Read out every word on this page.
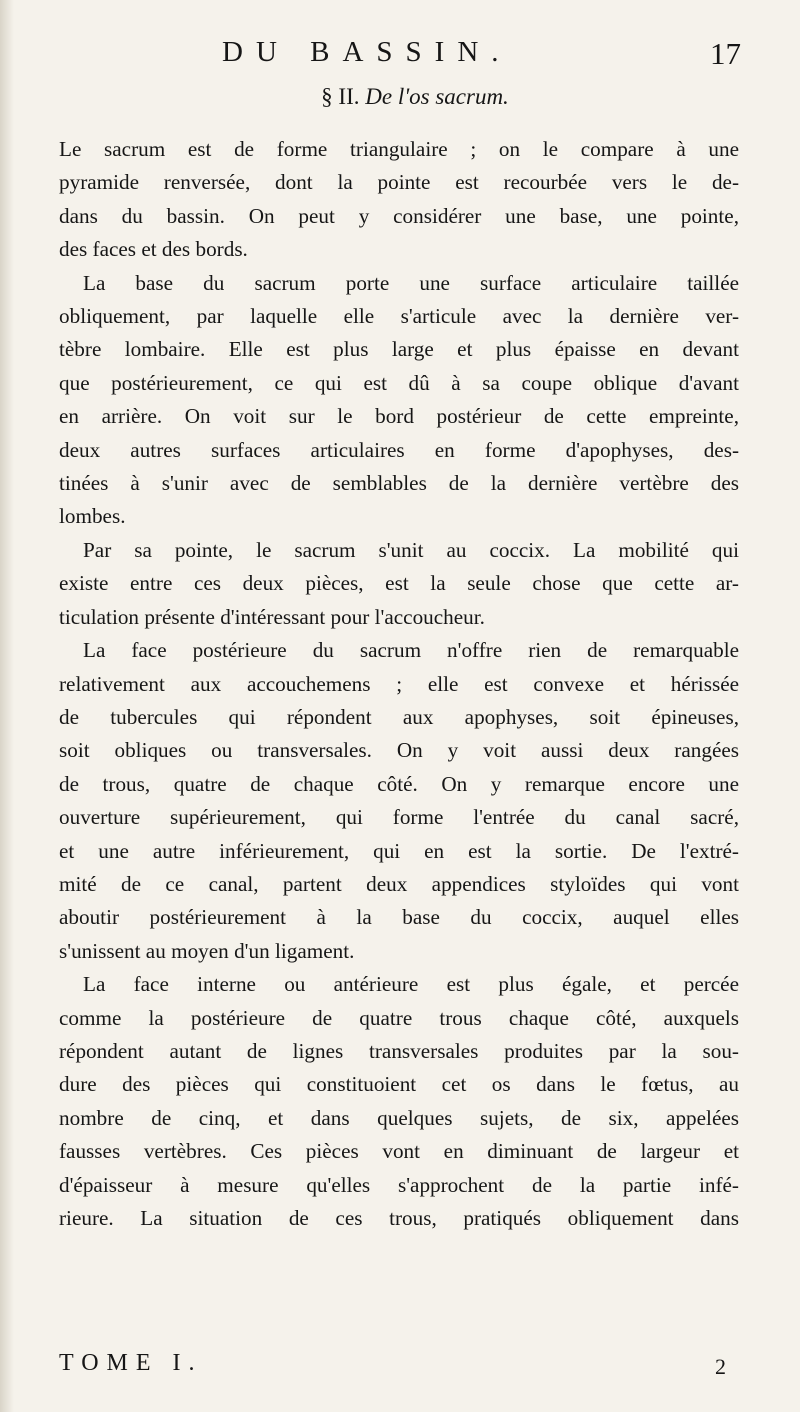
DU BASSIN.	17
§ II. De l'os sacrum.

Le sacrum est de forme triangulaire ; on le compare à une
pyramide renversée, dont la pointe est recourbée vers le de-
dans du bassin. On peut y considérer une base, une pointe,
des faces et des bords.

La base du sacrum porte une surface articulaire taillée
obliquement, par laquelle elle s'articule avec la dernière ver-
tèbre lombaire. Elle est plus large et plus épaisse en devant
que postérieurement, ce qui est dû à sa coupe oblique d'avant
en arrière. On voit sur le bord postérieur de cette empreinte,
deux autres surfaces articulaires en forme d'apophyses, des-
tinées à s'unir avec de semblables de la dernière vertèbre des
lombes.

Par sa pointe, le sacrum s'unit au coccix. La mobilité qui
existe entre ces deux pièces, est la seule chose que cette ar-
ticulation présente d'intéressant pour l'accoucheur.

La face postérieure du sacrum n'offre rien de remarquable
relativement aux accouchemens ; elle est convexe et hérissée
de tubercules qui répondent aux apophyses, soit épineuses,
soit obliques ou transversales. On y voit aussi deux rangées
de trous, quatre de chaque côté. On y remarque encore une
ouverture supérieurement, qui forme l'entrée du canal sacré,
et une autre inférieurement, qui en est la sortie. De l'extré-
mité de ce canal, partent deux appendices styloïdes qui vont
aboutir postérieurement à la base du coccix, auquel elles
s'unissent au moyen d'un ligament.

La face interne ou antérieure est plus égale, et percée
comme la postérieure de quatre trous chaque côté, auxquels
répondent autant de lignes transversales produites par la sou-
dure des pièces qui constituoient cet os dans le fœtus, au
nombre de cinq, et dans quelques sujets, de six, appelées
fausses vertèbres. Ces pièces vont en diminuant de largeur et
d'épaisseur à mesure qu'elles s'approchent de la partie infé-
rieure. La situation de ces trous, pratiqués obliquement dans

TOME I.	2
